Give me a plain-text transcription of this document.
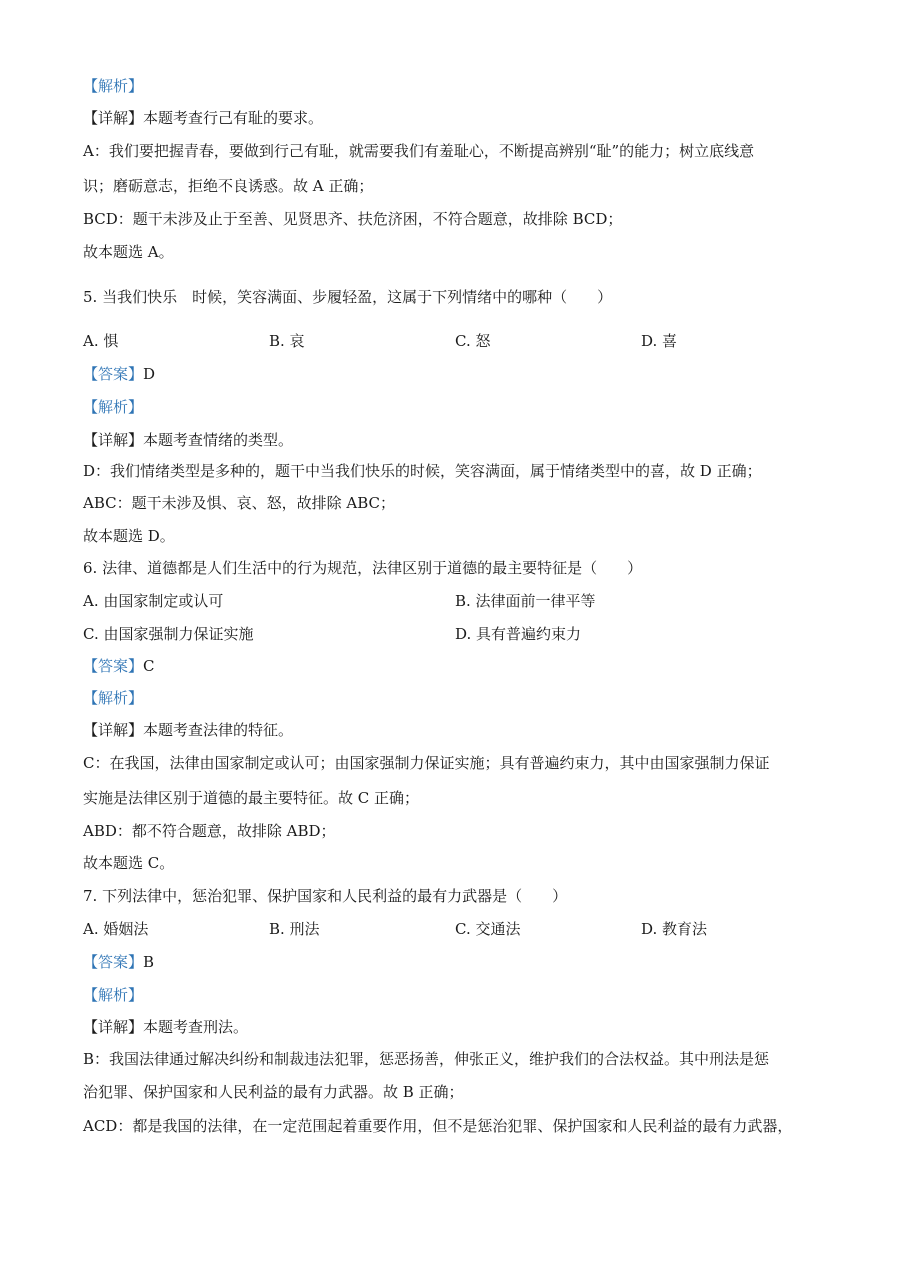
【解析】
【详解】本题考查行己有耻的要求。
A：我们要把握青春，要做到行己有耻，就需要我们有羞耻心，不断提高辨别“耻”的能力；树立底线意
识；磨砺意志，拒绝不良诱惑。故 A 正确；
BCD：题干未涉及止于至善、见贤思齐、扶危济困，不符合题意，故排除 BCD；
故本题选 A。
5. 当我们快乐　时候，笑容满面、步履轻盈，这属于下列情绪中的哪种（　　）
A. 惧	B. 哀	C. 怒	D. 喜
【答案】D
【解析】
【详解】本题考查情绪的类型。
D：我们情绪类型是多种的，题干中当我们快乐的时候，笑容满面，属于情绪类型中的喜，故 D 正确；
ABC：题干未涉及惧、哀、怒，故排除 ABC；
故本题选 D。
6. 法律、道德都是人们生活中的行为规范，法律区别于道德的最主要特征是（　　）
A. 由国家制定或认可	B. 法律面前一律平等
C. 由国家强制力保证实施	D. 具有普遍约束力
【答案】C
【解析】
【详解】本题考查法律的特征。
C：在我国，法律由国家制定或认可；由国家强制力保证实施；具有普遍约束力，其中由国家强制力保证
实施是法律区别于道德的最主要特征。故 C 正确；
ABD：都不符合题意，故排除 ABD；
故本题选 C。
7. 下列法律中，惩治犯罪、保护国家和人民利益的最有力武器是（　　）
A. 婚姻法	B. 刑法	C. 交通法	D. 教育法
【答案】B
【解析】
【详解】本题考查刑法。
B：我国法律通过解决纠纷和制裁违法犯罪，惩恶扬善，伸张正义，维护我们的合法权益。其中刑法是惩
治犯罪、保护国家和人民利益的最有力武器。故 B 正确；
ACD：都是我国的法律，在一定范围起着重要作用，但不是惩治犯罪、保护国家和人民利益的最有力武器，
